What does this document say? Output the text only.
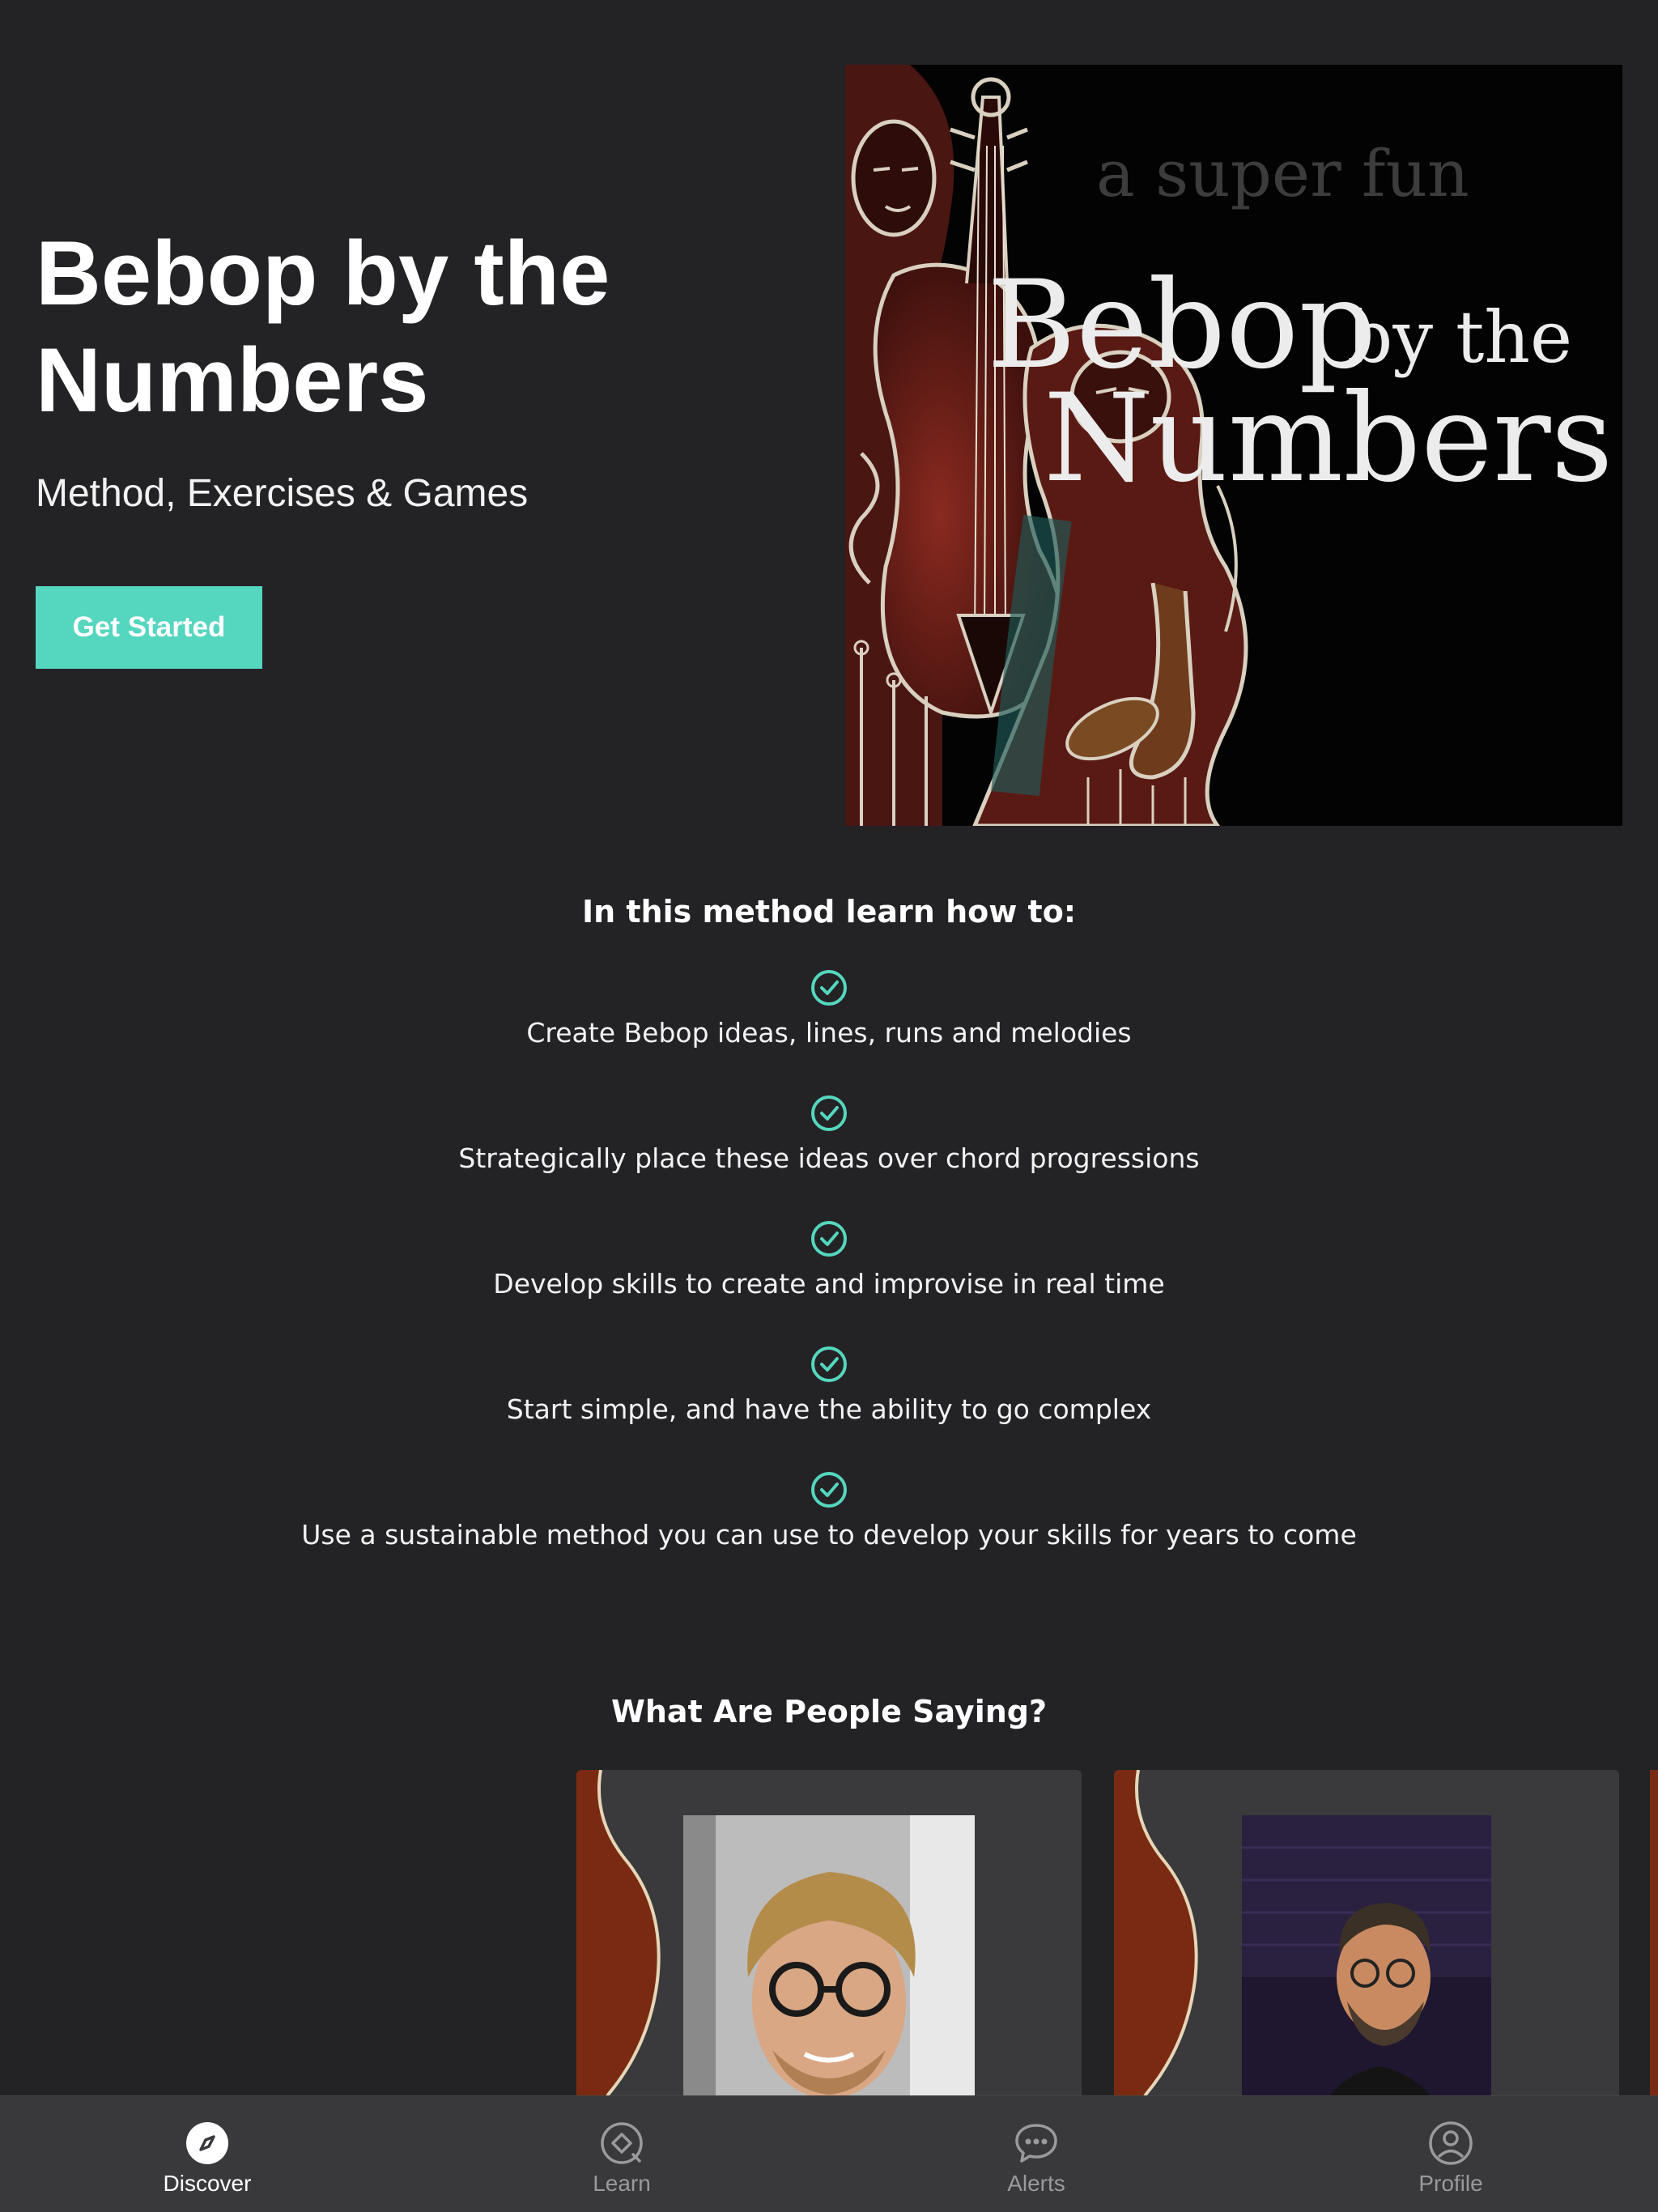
Bebop by the Numbers

Method, Exercises & Games

Get Started
a super fun
Bebop
by the
Numbers
In this method learn how to:
Create Bebop ideas, lines, runs and melodies
Strategically place these ideas over chord progressions
Develop skills to create and improvise in real time
Start simple, and have the ability to go complex
Use a sustainable method you can use to develop your skills for years to come
What Are People Saying?
Discover	Learn	Alerts	Profile
